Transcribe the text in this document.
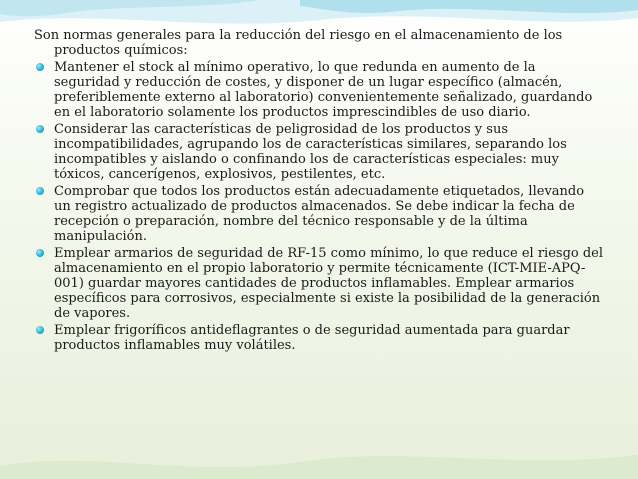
Son normas generales para la reducción del riesgo en el almacenamiento de los productos químicos:

Mantener el stock al mínimo operativo, lo que redunda en aumento de la seguridad y reducción de costes, y disponer de un lugar específico (almacén, preferiblemente externo al laboratorio) convenientemente señalizado, guardando en el laboratorio solamente los productos imprescindibles de uso diario.
Considerar las características de peligrosidad de los productos y sus incompatibilidades, agrupando los de características similares, separando los incompatibles y aislando o confinando los de características especiales: muy tóxicos, cancerígenos, explosivos, pestilentes, etc.
Comprobar que todos los productos están adecuadamente etiquetados, llevando un registro actualizado de productos almacenados. Se debe indicar la fecha de recepción o preparación, nombre del técnico responsable y de la última manipulación.
Emplear armarios de seguridad de RF-15 como mínimo, lo que reduce el riesgo del almacenamiento en el propio laboratorio y permite técnicamente (ICT-MIE-APQ-001) guardar mayores cantidades de productos inflamables. Emplear armarios específicos para corrosivos, especialmente si existe la posibilidad de la generación de vapores.
Emplear frigoríficos antideflagrantes o de seguridad aumentada para guardar productos inflamables muy volátiles.
